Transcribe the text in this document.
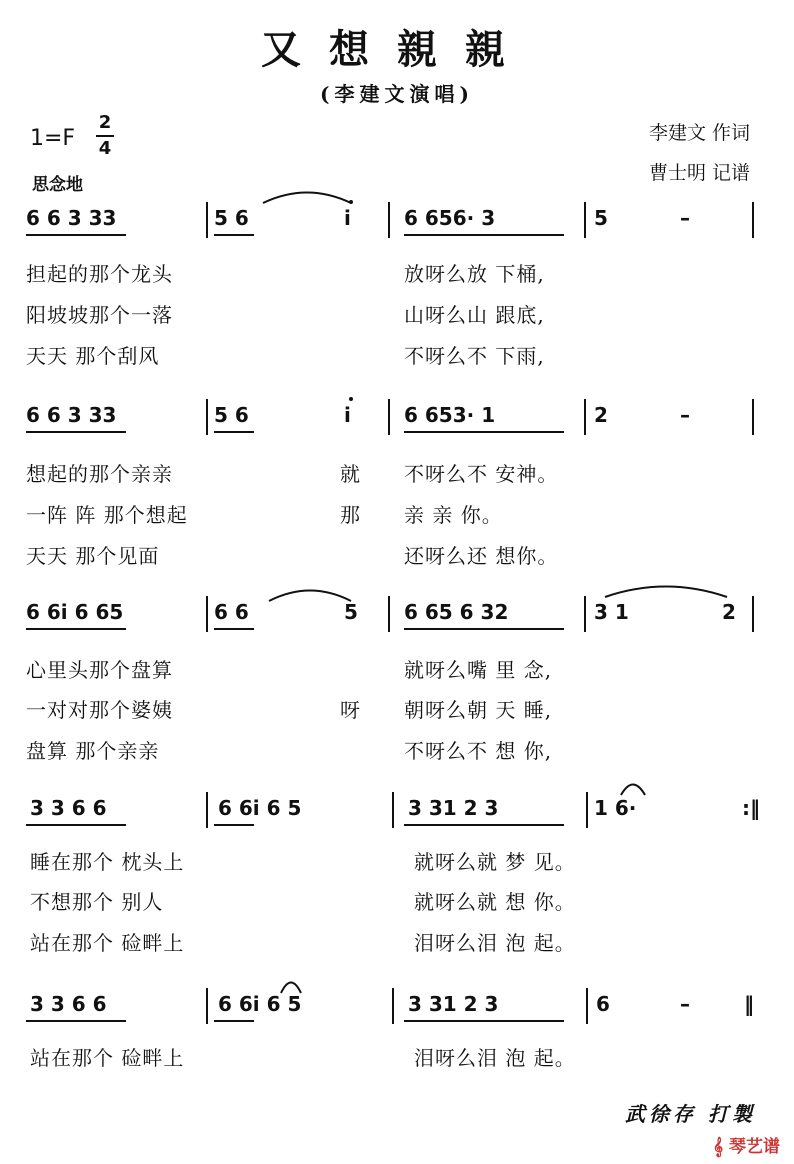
又想親親
(李建文演唱)
1=F
2
4
思念地
李建文 作词
曹士明 记谱
6 6 3 33	5 6	i	6 656· 3	5	–
担起的那个龙头	放呀么放 下桶,
阳坡坡那个一落	山呀么山 跟底,
天天 那个刮风	不呀么不 下雨,
6 6 3 33	5 6	i	6 653· 1	2	–
想起的那个亲亲	就 不呀么不 安神。
一阵 阵 那个想起	那 亲 亲 你。
天天 那个见面	还呀么还 想你。
6 6i 6 65	6 6	5 6 65 6 32	3 1	2
心里头那个盘算	就呀么嘴 里 念,
一对对那个婆姨	呀 朝呀么朝 天 睡,
盘算 那个亲亲	不呀么不 想 你,
3 3 6 6	6 6i 6 5	3 31 2 3	1 6·	:‖
睡在那个 枕头上	就呀么就 梦 见。
不想那个 别人	就呀么就 想 你。
站在那个 硷畔上	泪呀么泪 泡 起。
3 3 6 6	6 6i 6 5	3 31 2 3	6	–	‖
站在那个 硷畔上	泪呀么泪 泡 起。
武徐存 打製
𝄞 琴艺谱
